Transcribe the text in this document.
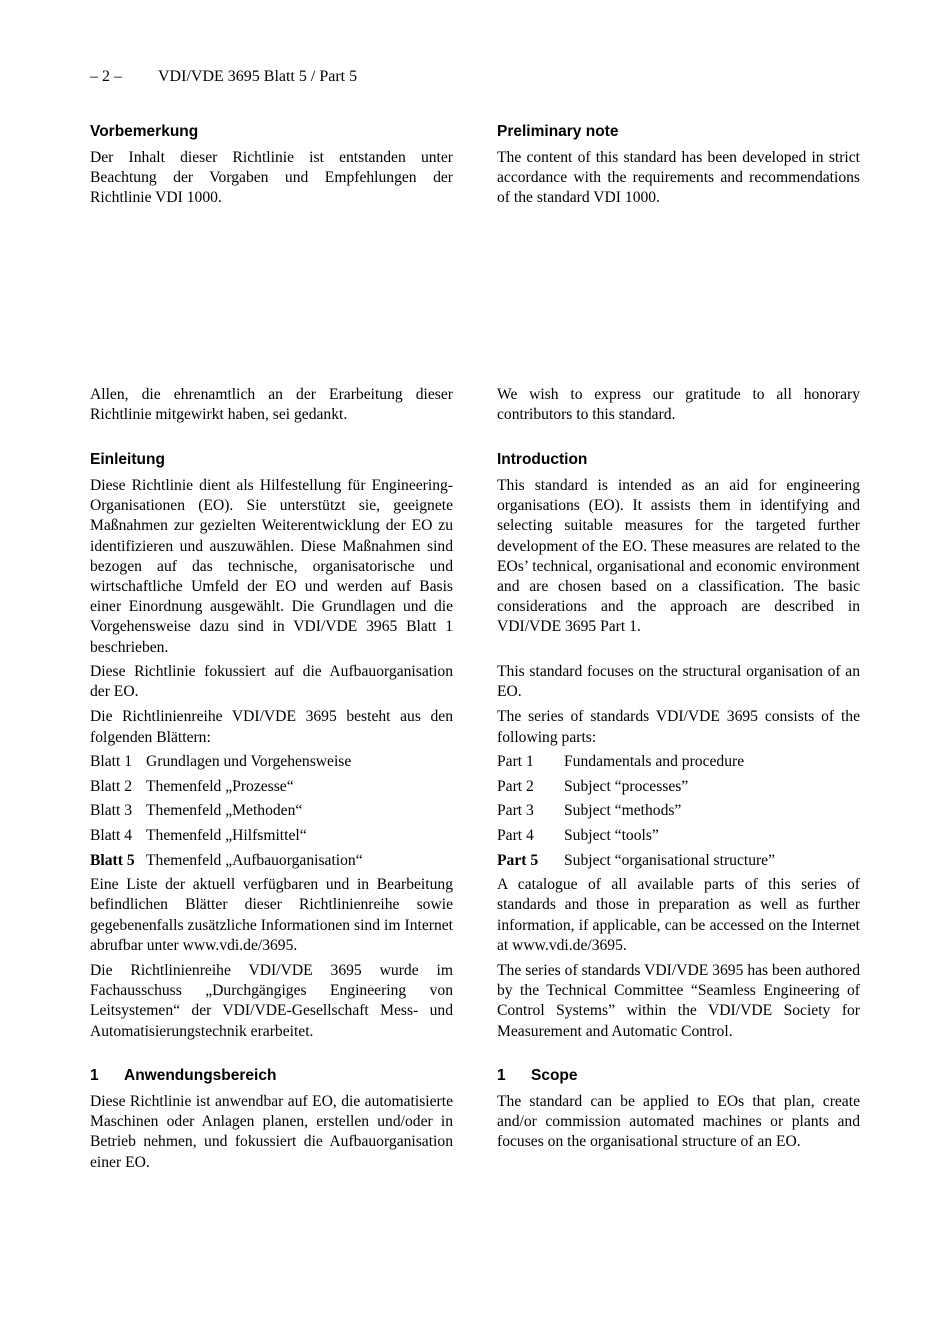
– 2 – VDI/VDE 3695 Blatt 5 / Part 5
Vorbemerkung

Der Inhalt dieser Richtlinie ist entstanden unter Beachtung der Vorgaben und Empfehlungen der Richtlinie VDI 1000.

Preliminary note

The content of this standard has been developed in strict accordance with the requirements and recommendations of the standard VDI 1000.

Allen, die ehrenamtlich an der Erarbeitung dieser Richtlinie mitgewirkt haben, sei gedankt.

We wish to express our gratitude to all honorary contributors to this standard.

Einleitung

Diese Richtlinie dient als Hilfestellung für Engineering-Organisationen (EO). Sie unterstützt sie, geeignete Maßnahmen zur gezielten Weiterentwicklung der EO zu identifizieren und auszuwählen. Diese Maßnahmen sind bezogen auf das technische, organisatorische und wirtschaftliche Umfeld der EO und werden auf Basis einer Einordnung ausgewählt. Die Grundlagen und die Vorgehensweise dazu sind in VDI/VDE 3965 Blatt 1 beschrieben.

Introduction

This standard is intended as an aid for engineering organisations (EO). It assists them in identifying and selecting suitable measures for the targeted further development of the EO. These measures are related to the EOs’ technical, organisational and economic environment and are chosen based on a classification. The basic considerations and the approach are described in VDI/VDE 3695 Part 1.

Diese Richtlinie fokussiert auf die Aufbauorganisation der EO.

Die Richtlinienreihe VDI/VDE 3695 besteht aus den folgenden Blättern:

Blatt 1 Grundlagen und Vorgehensweise
Blatt 2 Themenfeld „Prozesse“
Blatt 3 Themenfeld „Methoden“
Blatt 4 Themenfeld „Hilfsmittel“
Blatt 5 Themenfeld „Aufbauorganisation“

Eine Liste der aktuell verfügbaren und in Bearbeitung befindlichen Blätter dieser Richtlinienreihe sowie gegebenenfalls zusätzliche Informationen sind im Internet abrufbar unter www.vdi.de/3695.

Die Richtlinienreihe VDI/VDE 3695 wurde im Fachausschuss „Durchgängiges Engineering von Leitsystemen“ der VDI/VDE-Gesellschaft Mess- und Automatisierungstechnik erarbeitet.

This standard focuses on the structural organisation of an EO.

The series of standards VDI/VDE 3695 consists of the following parts:

Part 1 Fundamentals and procedure
Part 2 Subject “processes”
Part 3 Subject “methods”
Part 4 Subject “tools”
Part 5 Subject “organisational structure”

A catalogue of all available parts of this series of standards and those in preparation as well as further information, if applicable, can be accessed on the Internet at www.vdi.de/3695.

The series of standards VDI/VDE 3695 has been authored by the Technical Committee “Seamless Engineering of Control Systems” within the VDI/VDE Society for Measurement and Automatic Control.

1 Anwendungsbereich

Diese Richtlinie ist anwendbar auf EO, die automatisierte Maschinen oder Anlagen planen, erstellen und/oder in Betrieb nehmen, und fokussiert die Aufbauorganisation einer EO.

1 Scope

The standard can be applied to EOs that plan, create and/or commission automated machines or plants and focuses on the organisational structure of an EO.
